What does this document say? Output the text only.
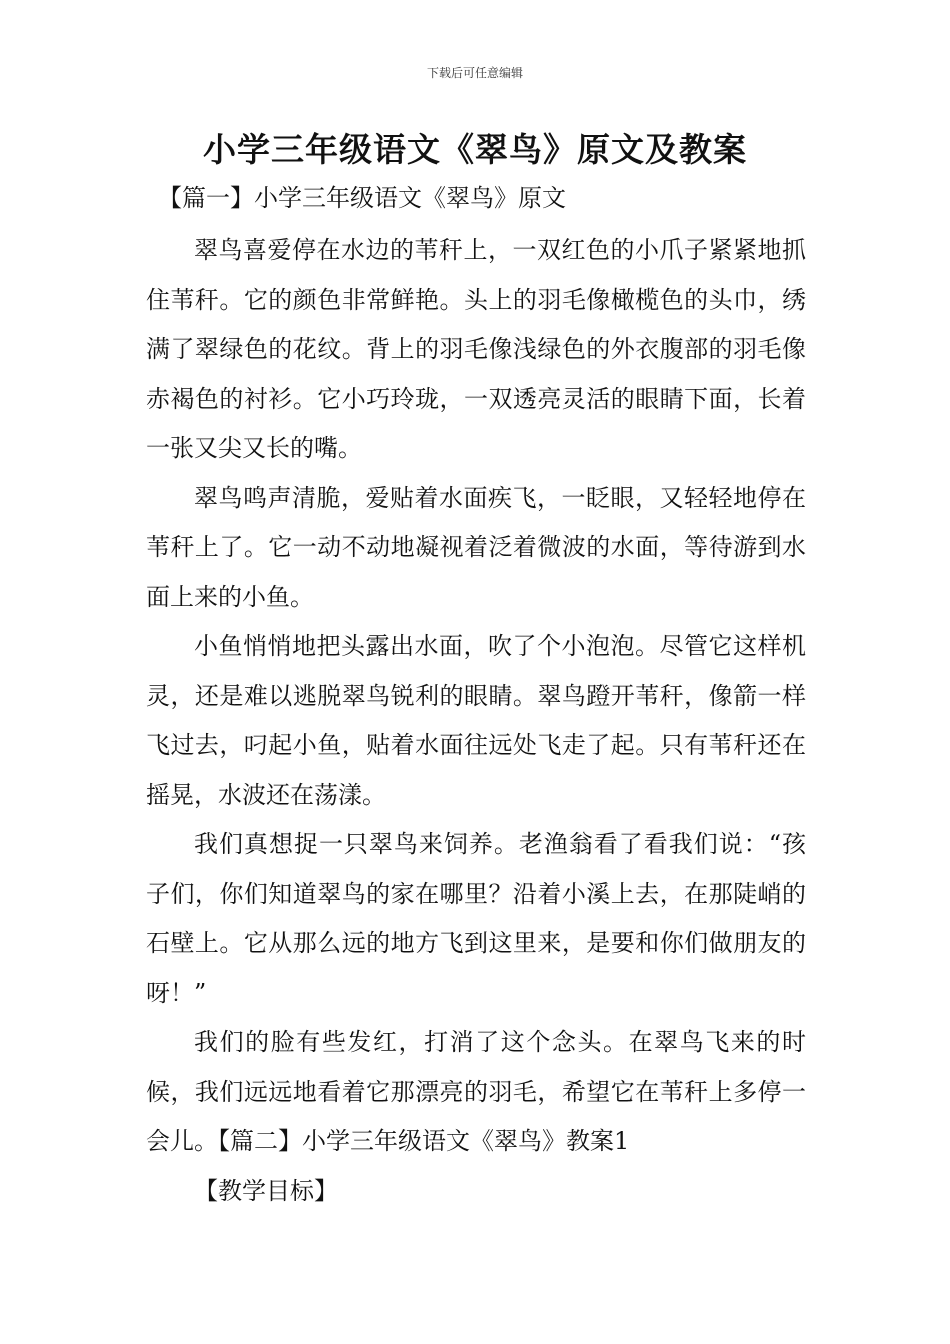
下载后可任意编辑
小学三年级语文《翠鸟》原文及教案
【篇一】小学三年级语文《翠鸟》原文

翠鸟喜爱停在水边的苇秆上，一双红色的小爪子紧紧地抓住苇秆。它的颜色非常鲜艳。头上的羽毛像橄榄色的头巾，绣满了翠绿色的花纹。背上的羽毛像浅绿色的外衣腹部的羽毛像赤褐色的衬衫。它小巧玲珑，一双透亮灵活的眼睛下面，长着一张又尖又长的嘴。

翠鸟鸣声清脆，爱贴着水面疾飞，一眨眼，又轻轻地停在苇秆上了。它一动不动地凝视着泛着微波的水面，等待游到水面上来的小鱼。

小鱼悄悄地把头露出水面，吹了个小泡泡。尽管它这样机灵，还是难以逃脱翠鸟锐利的眼睛。翠鸟蹬开苇秆，像箭一样飞过去，叼起小鱼，贴着水面往远处飞走了起。只有苇秆还在摇晃，水波还在荡漾。

我们真想捉一只翠鸟来饲养。老渔翁看了看我们说：“孩子们，你们知道翠鸟的家在哪里？沿着小溪上去，在那陡峭的石壁上。它从那么远的地方飞到这里来，是要和你们做朋友的呀！”

我们的脸有些发红，打消了这个念头。在翠鸟飞来的时候，我们远远地看着它那漂亮的羽毛，希望它在苇秆上多停一会儿。【篇二】小学三年级语文《翠鸟》教案1

【教学目标】
